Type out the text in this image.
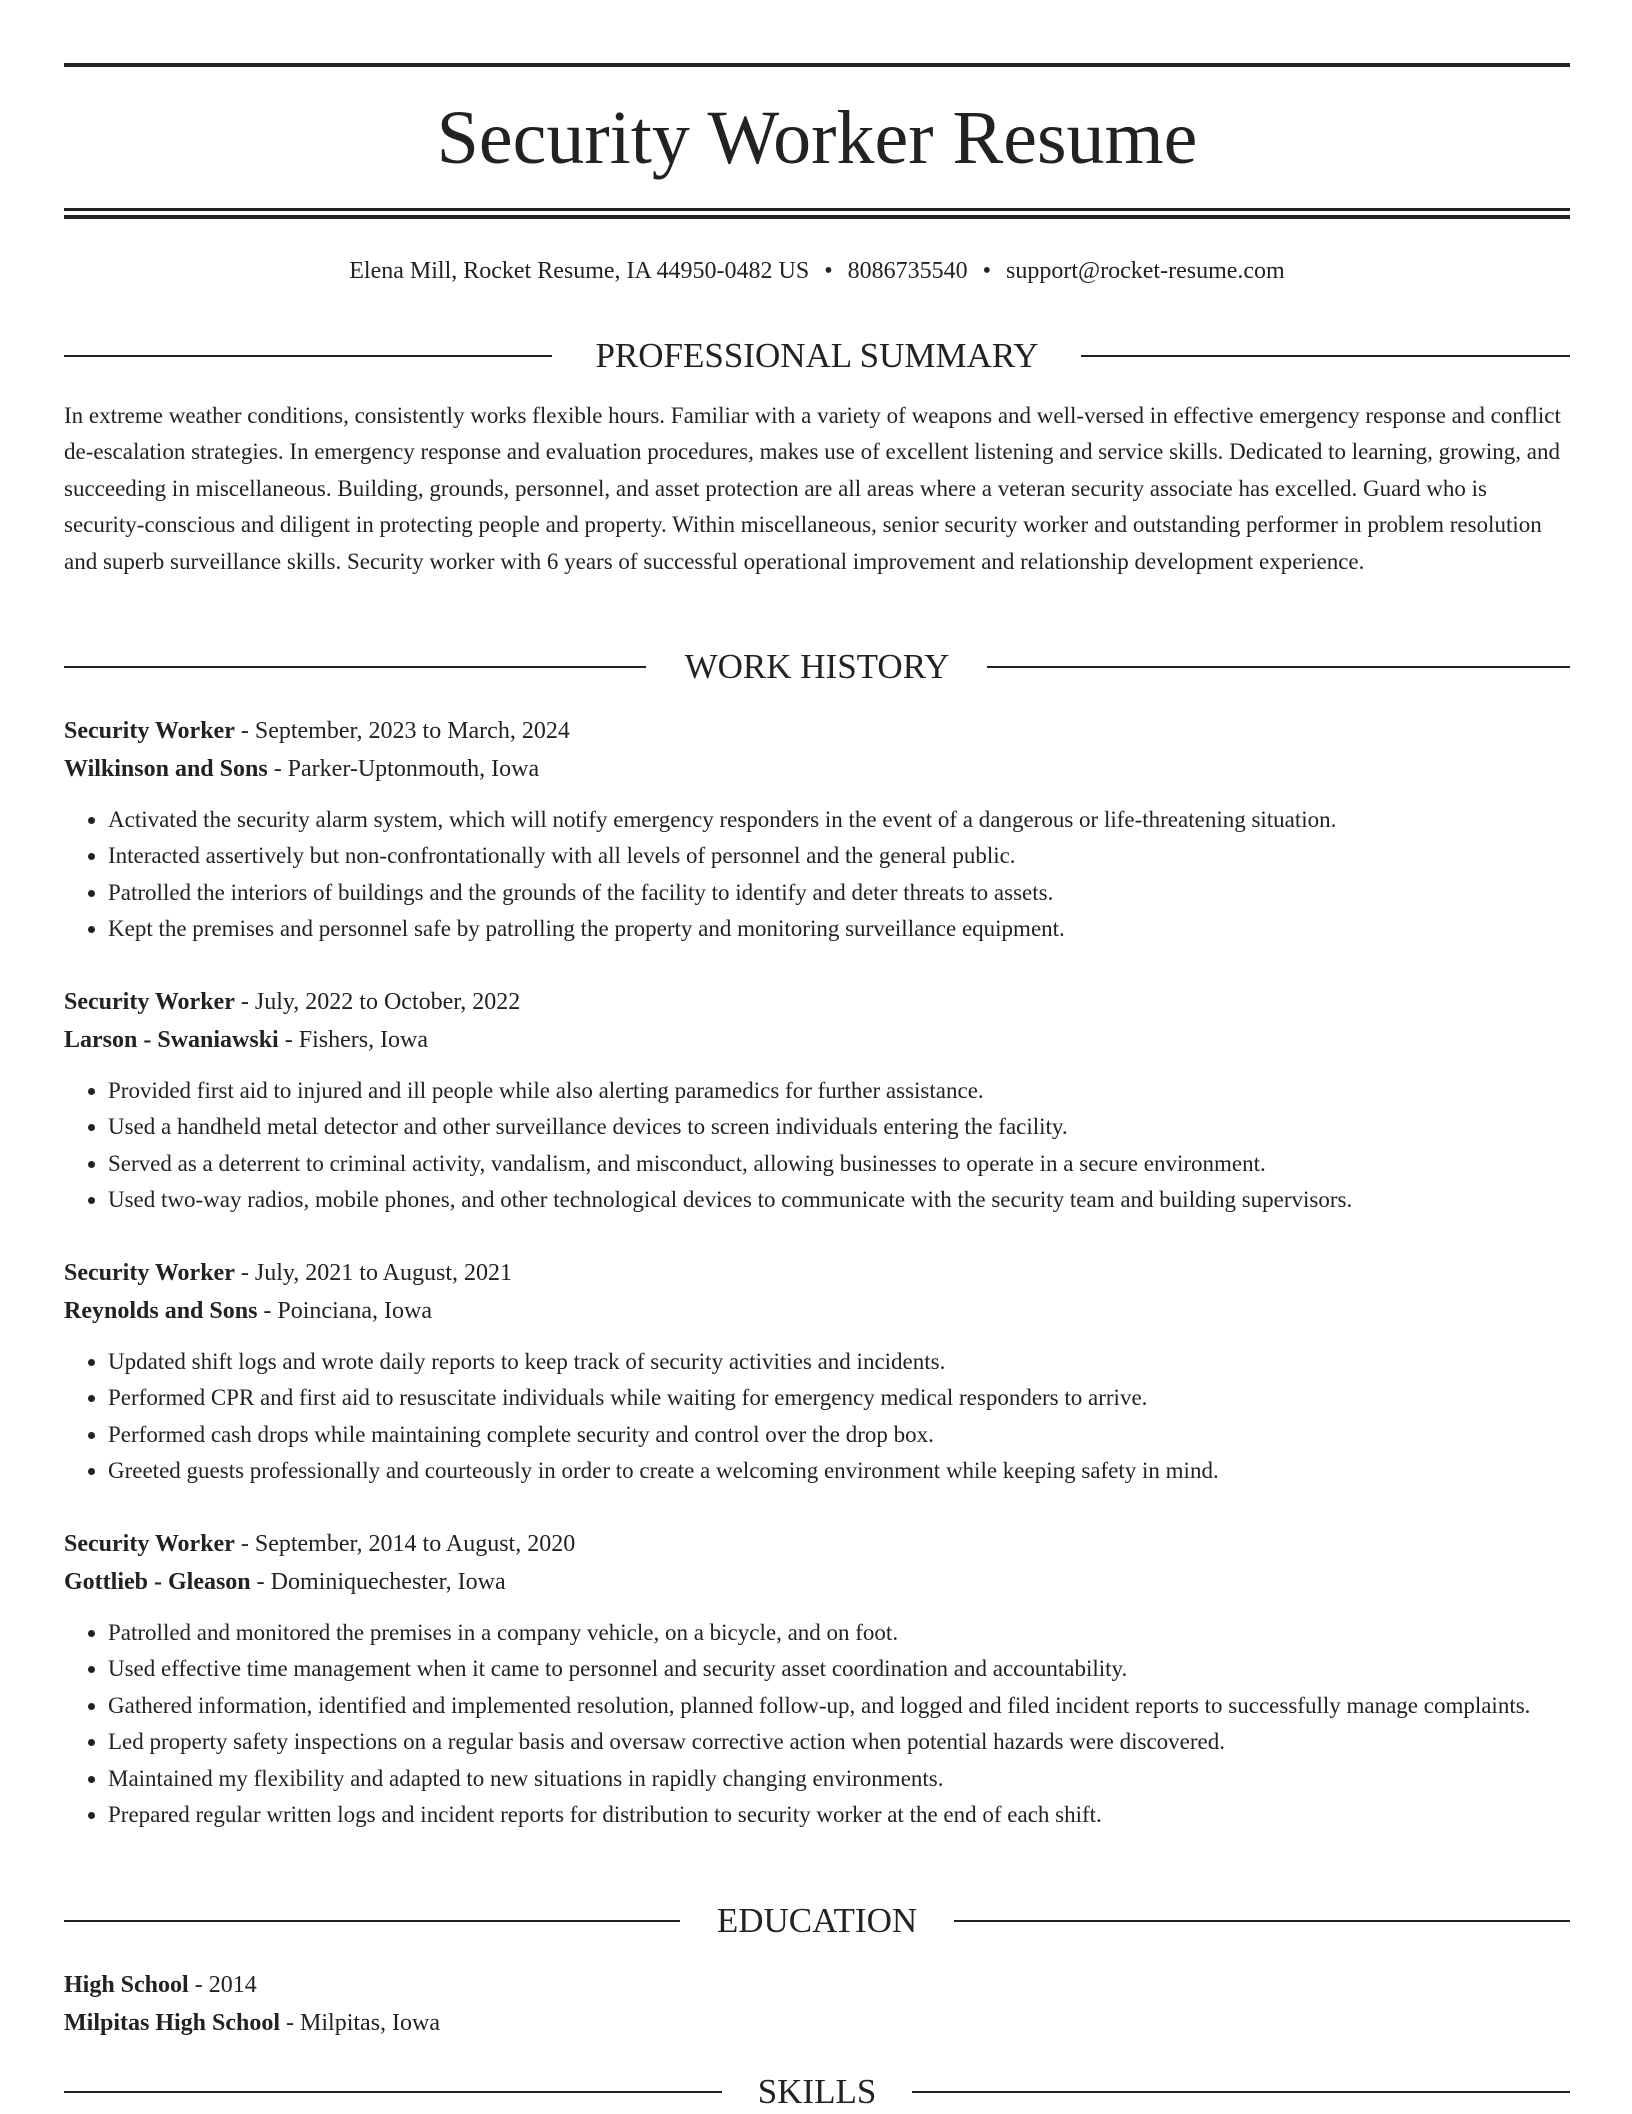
Security Worker Resume
Elena Mill, Rocket Resume, IA 44950-0482 US • 8086735540 • support@rocket-resume.com
PROFESSIONAL SUMMARY
In extreme weather conditions, consistently works flexible hours. Familiar with a variety of weapons and well-versed in effective emergency response and conflict de-escalation strategies. In emergency response and evaluation procedures, makes use of excellent listening and service skills. Dedicated to learning, growing, and succeeding in miscellaneous. Building, grounds, personnel, and asset protection are all areas where a veteran security associate has excelled. Guard who is security-conscious and diligent in protecting people and property. Within miscellaneous, senior security worker and outstanding performer in problem resolution and superb surveillance skills. Security worker with 6 years of successful operational improvement and relationship development experience.
WORK HISTORY
Security Worker - September, 2023 to March, 2024
Wilkinson and Sons - Parker-Uptonmouth, Iowa
• Activated the security alarm system, which will notify emergency responders in the event of a dangerous or life-threatening situation.
• Interacted assertively but non-confrontationally with all levels of personnel and the general public.
• Patrolled the interiors of buildings and the grounds of the facility to identify and deter threats to assets.
• Kept the premises and personnel safe by patrolling the property and monitoring surveillance equipment.
Security Worker - July, 2022 to October, 2022
Larson - Swaniawski - Fishers, Iowa
• Provided first aid to injured and ill people while also alerting paramedics for further assistance.
• Used a handheld metal detector and other surveillance devices to screen individuals entering the facility.
• Served as a deterrent to criminal activity, vandalism, and misconduct, allowing businesses to operate in a secure environment.
• Used two-way radios, mobile phones, and other technological devices to communicate with the security team and building supervisors.
Security Worker - July, 2021 to August, 2021
Reynolds and Sons - Poinciana, Iowa
• Updated shift logs and wrote daily reports to keep track of security activities and incidents.
• Performed CPR and first aid to resuscitate individuals while waiting for emergency medical responders to arrive.
• Performed cash drops while maintaining complete security and control over the drop box.
• Greeted guests professionally and courteously in order to create a welcoming environment while keeping safety in mind.
Security Worker - September, 2014 to August, 2020
Gottlieb - Gleason - Dominiquechester, Iowa
• Patrolled and monitored the premises in a company vehicle, on a bicycle, and on foot.
• Used effective time management when it came to personnel and security asset coordination and accountability.
• Gathered information, identified and implemented resolution, planned follow-up, and logged and filed incident reports to successfully manage complaints.
• Led property safety inspections on a regular basis and oversaw corrective action when potential hazards were discovered.
• Maintained my flexibility and adapted to new situations in rapidly changing environments.
• Prepared regular written logs and incident reports for distribution to security worker at the end of each shift.
EDUCATION
High School - 2014
Milpitas High School - Milpitas, Iowa
SKILLS
